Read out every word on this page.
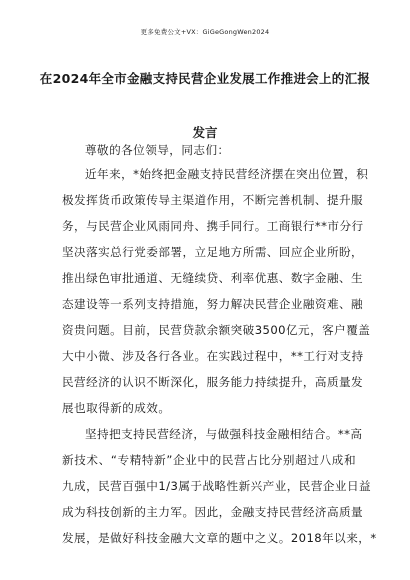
更多免费公文+VX：GiGeGongWen2024
在2024年全市金融支持民营企业发展工作推进会上的汇报
发言
尊敬的各位领导，同志们：
近年来，*始终把金融支持民营经济摆在突出位置，积
极发挥货币政策传导主渠道作用，不断完善机制、提升服
务，与民营企业风雨同舟、携手同行。工商银行**市分行
坚决落实总行党委部署，立足地方所需、回应企业所盼，
推出绿色审批通道、无缝续贷、利率优惠、数字金融、生
态建设等一系列支持措施，努力解决民营企业融资难、融
资贵问题。目前，民营贷款余额突破3500亿元，客户覆盖
大中小微、涉及各行各业。在实践过程中，**工行对支持
民营经济的认识不断深化，服务能力持续提升，高质量发
展也取得新的成效。
坚持把支持民营经济，与做强科技金融相结合。**高
新技术、“专精特新”企业中的民营占比分别超过八成和
九成，民营百强中1/3属于战略性新兴产业，民营企业日益
成为科技创新的主力军。因此，金融支持民营经济高质量
发展，是做好科技金融大文章的题中之义。2018年以来，*
